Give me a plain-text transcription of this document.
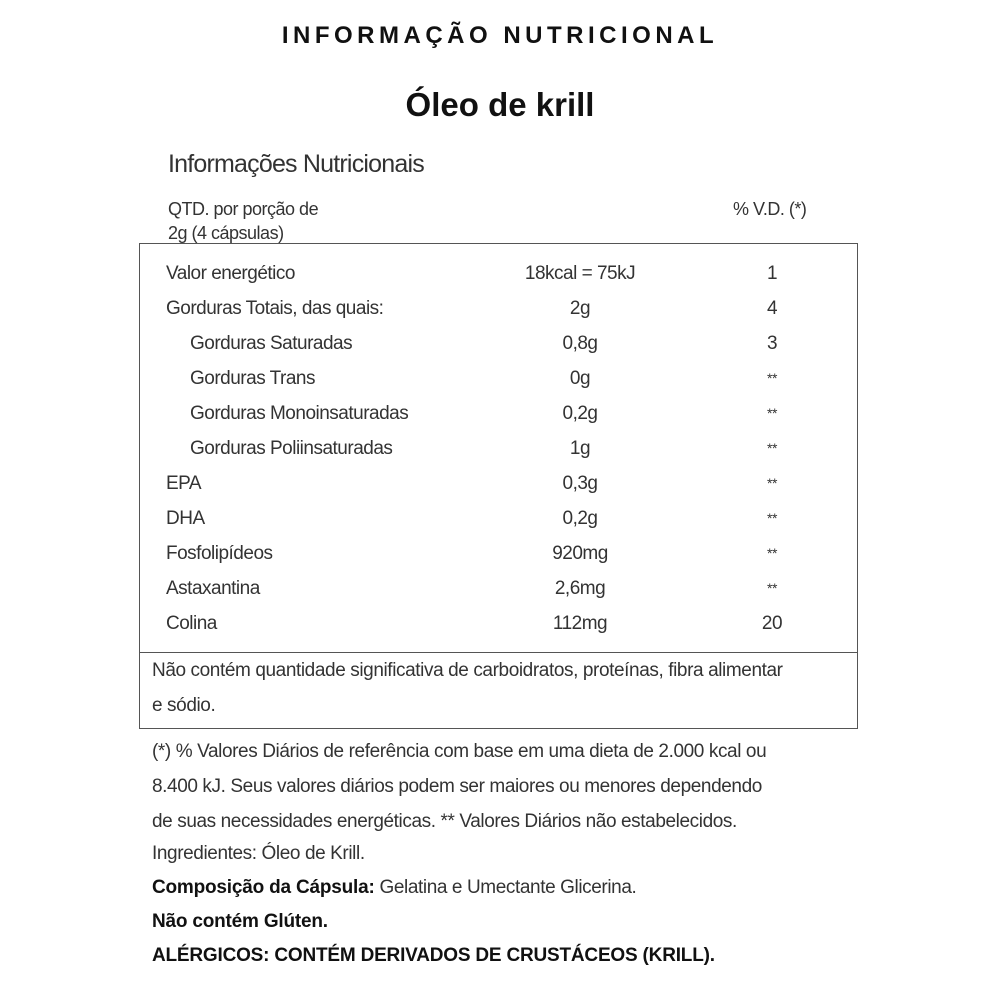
INFORMAÇÃO NUTRICIONAL
Óleo de krill
Informações Nutricionais
QTD. por porção de
2g (4 cápsulas)
% V.D. (*)
Valor energético	18kcal = 75kJ	1
Gorduras Totais, das quais:	2g	4
Gorduras Saturadas	0,8g	3
Gorduras Trans	0g	**
Gorduras Monoinsaturadas	0,2g	**
Gorduras Poliinsaturadas	1g	**
EPA	0,3g	**
DHA	0,2g	**
Fosfolipídeos	920mg	**
Astaxantina	2,6mg	**
Colina	112mg	20
Não contém quantidade significativa de carboidratos, proteínas, fibra alimentar
e sódio.
(*) % Valores Diários de referência com base em uma dieta de 2.000 kcal ou
8.400 kJ. Seus valores diários podem ser maiores ou menores dependendo
de suas necessidades energéticas. ** Valores Diários não estabelecidos.
Ingredientes: Óleo de Krill.
Composição da Cápsula: Gelatina e Umectante Glicerina.
Não contém Glúten.
ALÉRGICOS: CONTÉM DERIVADOS DE CRUSTÁCEOS (KRILL).
